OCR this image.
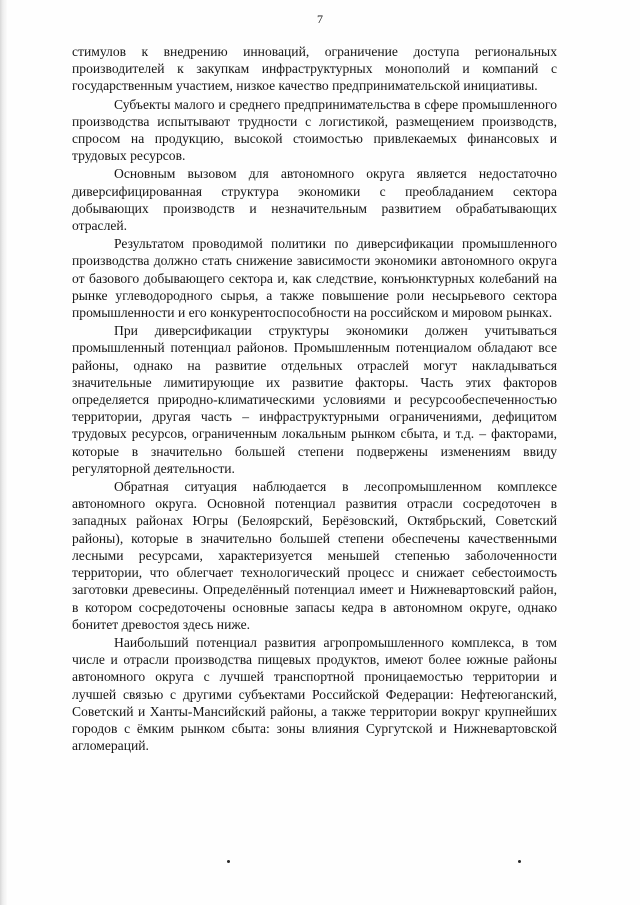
7

стимулов к внедрению инноваций, ограничение доступа региональных производителей к закупкам инфраструктурных монополий и компаний с государственным участием, низкое качество предпринимательской инициативы.

Субъекты малого и среднего предпринимательства в сфере промышленного производства испытывают трудности с логистикой, размещением производств, спросом на продукцию, высокой стоимостью привлекаемых финансовых и трудовых ресурсов.

Основным вызовом для автономного округа является недостаточно диверсифицированная структура экономики с преобладанием сектора добывающих производств и незначительным развитием обрабатывающих отраслей.

Результатом проводимой политики по диверсификации промышленного производства должно стать снижение зависимости экономики автономного округа от базового добывающего сектора и, как следствие, конъюнктурных колебаний на рынке углеводородного сырья, а также повышение роли несырьевого сектора промышленности и его конкурентоспособности на российском и мировом рынках.

При диверсификации структуры экономики должен учитываться промышленный потенциал районов. Промышленным потенциалом обладают все районы, однако на развитие отдельных отраслей могут накладываться значительные лимитирующие их развитие факторы. Часть этих факторов определяется природно-климатическими условиями и ресурсообеспеченностью территории, другая часть – инфраструктурными ограничениями, дефицитом трудовых ресурсов, ограниченным локальным рынком сбыта, и т.д. – факторами, которые в значительно большей степени подвержены изменениям ввиду регуляторной деятельности.

Обратная ситуация наблюдается в лесопромышленном комплексе автономного округа. Основной потенциал развития отрасли сосредоточен в западных районах Югры (Белоярский, Берёзовский, Октябрьский, Советский районы), которые в значительно большей степени обеспечены качественными лесными ресурсами, характеризуется меньшей степенью заболоченности территории, что облегчает технологический процесс и снижает себестоимость заготовки древесины. Определённый потенциал имеет и Нижневартовский район, в котором сосредоточены основные запасы кедра в автономном округе, однако бонитет древостоя здесь ниже.

Наибольший потенциал развития агропромышленного комплекса, в том числе и отрасли производства пищевых продуктов, имеют более южные районы автономного округа с лучшей транспортной проницаемостью территории и лучшей связью с другими субъектами Российской Федерации: Нефтеюганский, Советский и Ханты-Мансийский районы, а также территории вокруг крупнейших городов с ёмким рынком сбыта: зоны влияния Сургутской и Нижневартовской агломераций.
